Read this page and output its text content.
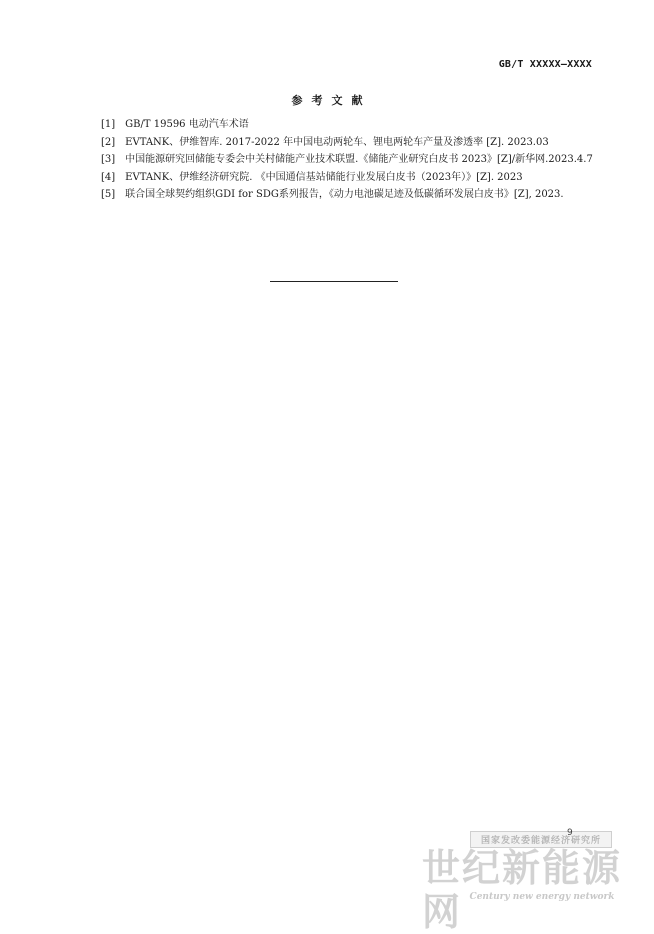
GB/T XXXXX—XXXX
参考文献

[1] GB/T 19596 电动汽车术语

[2] EVTANK、伊维智库. 2017-2022 年中国电动两轮车、锂电两轮车产量及渗透率 [Z]. 2023.03

[3] 中国能源研究回储能专委会中关村储能产业技术联盟.《储能产业研究白皮书 2023》[Z]/新华网.2023.4.7

[4] EVTANK、伊维经济研究院. 《中国通信基站储能行业发展白皮书（2023年）》[Z]. 2023

[5] 联合国全球契约组织GDI for SDG系列报告，《动力电池碳足迹及低碳循环发展白皮书》[Z], 2023.

国家发改委能源经济研究所
9
世纪新能源网 Century new energy network
